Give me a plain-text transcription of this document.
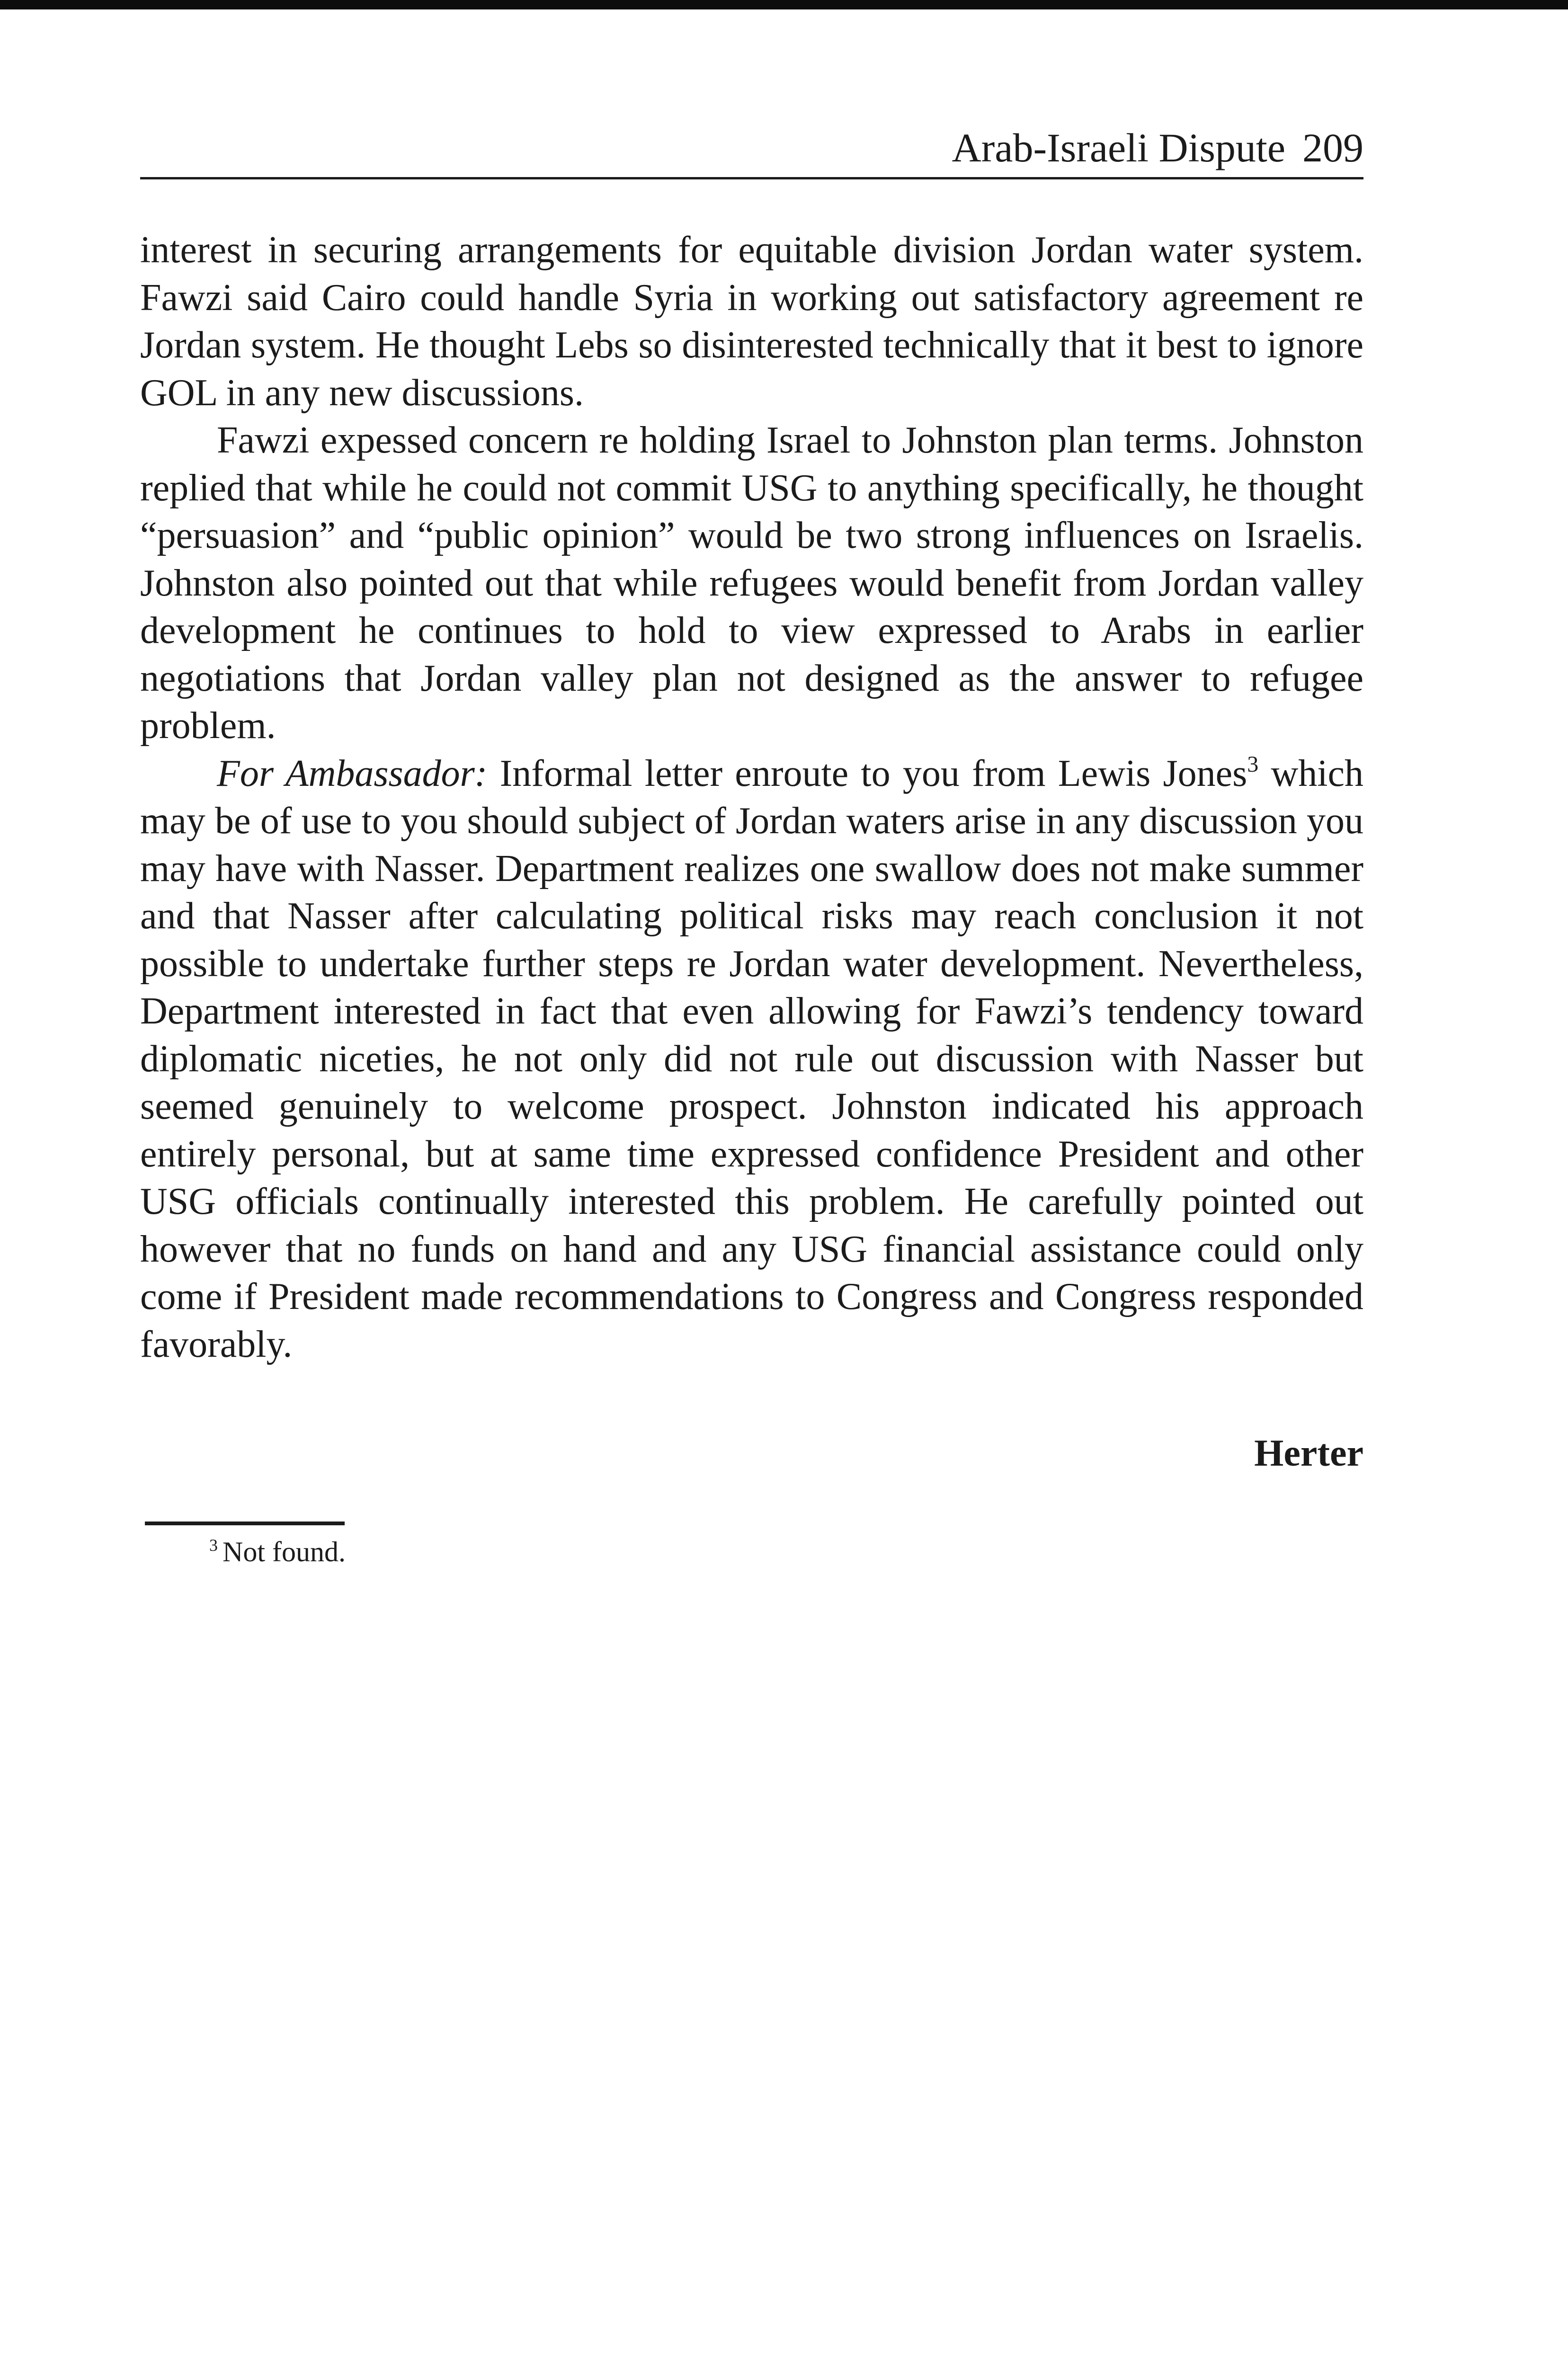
Arab-Israeli Dispute 209

interest in securing arrangements for equitable division Jordan water system. Fawzi said Cairo could handle Syria in working out satisfactory agreement re Jordan system. He thought Lebs so disinterested technically that it best to ignore GOL in any new discussions.

Fawzi expessed concern re holding Israel to Johnston plan terms. Johnston replied that while he could not commit USG to anything specifically, he thought “persuasion” and “public opinion” would be two strong influences on Israelis. Johnston also pointed out that while refugees would benefit from Jordan valley development he continues to hold to view expressed to Arabs in earlier negotiations that Jordan valley plan not designed as the answer to refugee problem.

For Ambassador: Informal letter enroute to you from Lewis Jones$^3$ which may be of use to you should subject of Jordan waters arise in any discussion you may have with Nasser. Department realizes one swallow does not make summer and that Nasser after calculating political risks may reach conclusion it not possible to undertake further steps re Jordan water development. Nevertheless, Department interested in fact that even allowing for Fawzi’s tendency toward diplomatic niceties, he not only did not rule out discussion with Nasser but seemed genuinely to welcome prospect. Johnston indicated his approach entirely personal, but at same time expressed confidence President and other USG officials continually interested this problem. He carefully pointed out however that no funds on hand and any USG financial assistance could only come if President made recommendations to Congress and Congress responded favorably.

Herter
$^3$ Not found.
